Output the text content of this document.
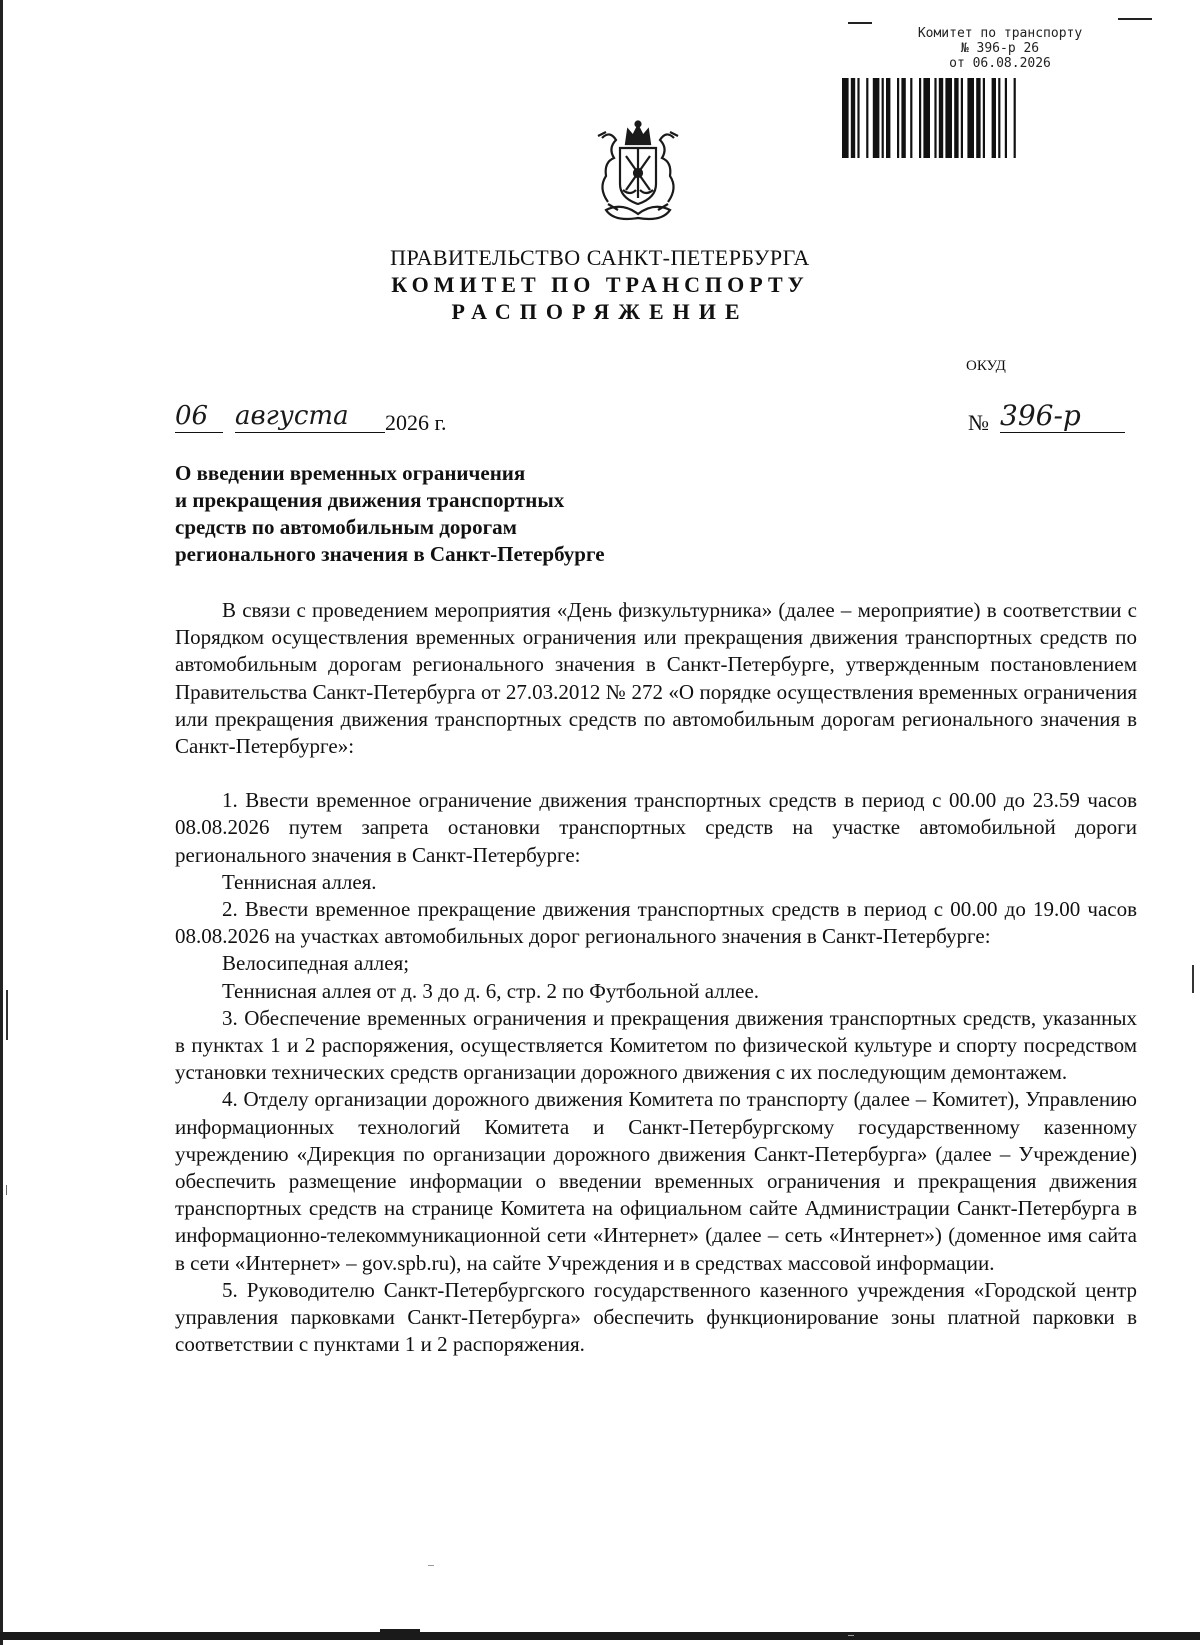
Комитет по транспорту
№ 396-р 26
от 06.08.2026
ПРАВИТЕЛЬСТВО САНКТ-ПЕТЕРБУРГА
КОМИТЕТ ПО ТРАНСПОРТУ
РАСПОРЯЖЕНИЕ
ОКУД
06	августа	2026 г.	№ 396-р
О введении временных ограничения
и прекращения движения транспортных
средств по автомобильным дорогам
регионального значения в Санкт-Петербурге

В связи с проведением мероприятия «День физкультурника» (далее – мероприятие) в соответствии с Порядком осуществления временных ограничения или прекращения движения транспортных средств по автомобильным дорогам регионального значения в Санкт-Петербурге, утвержденным постановлением Правительства Санкт-Петербурга от 27.03.2012 № 272 «О порядке осуществления временных ограничения или прекращения движения транспортных средств по автомобильным дорогам регионального значения в Санкт-Петербурге»:

1. Ввести временное ограничение движения транспортных средств в период с 00.00 до 23.59 часов 08.08.2026 путем запрета остановки транспортных средств на участке автомобильной дороги регионального значения в Санкт-Петербурге:

Теннисная аллея.

2. Ввести временное прекращение движения транспортных средств в период с 00.00 до 19.00 часов 08.08.2026 на участках автомобильных дорог регионального значения в Санкт-Петербурге:

Велосипедная аллея;

Теннисная аллея от д. 3 до д. 6, стр. 2 по Футбольной аллее.

3. Обеспечение временных ограничения и прекращения движения транспортных средств, указанных в пунктах 1 и 2 распоряжения, осуществляется Комитетом по физической культуре и спорту посредством установки технических средств организации дорожного движения с их последующим демонтажем.

4. Отделу организации дорожного движения Комитета по транспорту (далее – Комитет), Управлению информационных технологий Комитета и Санкт-Петербургскому государственному казенному учреждению «Дирекция по организации дорожного движения Санкт-Петербурга» (далее – Учреждение) обеспечить размещение информации о введении временных ограничения и прекращения движения транспортных средств на странице Комитета на официальном сайте Администрации Санкт-Петербурга в информационно-телекоммуникационной сети «Интернет» (далее – сеть «Интернет») (доменное имя сайта в сети «Интернет» – gov.spb.ru), на сайте Учреждения и в средствах массовой информации.

5. Руководителю Санкт-Петербургского государственного казенного учреждения «Городской центр управления парковками Санкт-Петербурга» обеспечить функционирование зоны платной парковки в соответствии с пунктами 1 и 2 распоряжения.
